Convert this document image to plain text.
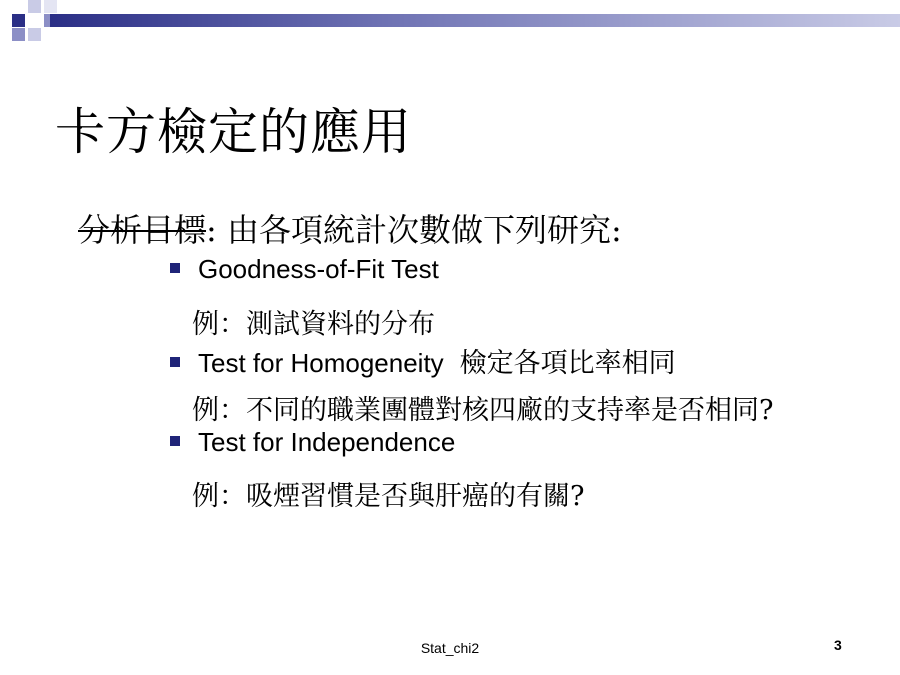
卡方檢定的應用
分析目標: 由各項統計次數做下列研究:
Goodness-of-Fit Test
例：測試資料的分布
Test for Homogeneity 檢定各項比率相同
例：不同的職業團體對核四廠的支持率是否相同?
Test for Independence
例：吸煙習慣是否與肝癌的有關?
Stat_chi2	3
